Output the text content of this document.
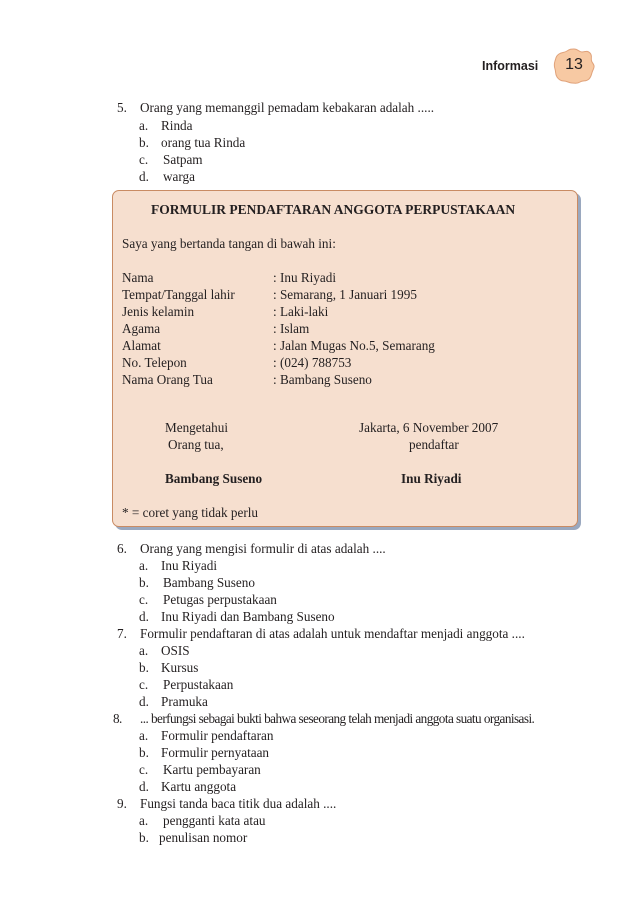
Informasi	13
5. Orang yang memanggil pemadam kebakaran adalah .....
a. Rinda
b. orang tua Rinda
c. Satpam
d. warga
FORMULIR PENDAFTARAN ANGGOTA PERPUSTAKAAN
Saya yang bertanda tangan di bawah ini:
Nama	: Inu Riyadi
Tempat/Tanggal lahir	: Semarang, 1 Januari 1995
Jenis kelamin	: Laki-laki
Agama	: Islam
Alamat	: Jalan Mugas No.5, Semarang
No. Telepon	: (024) 788753
Nama Orang Tua	: Bambang Suseno
Mengetahui
Orang tua,
Bambang Suseno
Jakarta, 6 November 2007
pendaftar
Inu Riyadi
* = coret yang tidak perlu
6. Orang yang mengisi formulir di atas adalah ....
a. Inu Riyadi
b. Bambang Suseno
c. Petugas perpustakaan
d. Inu Riyadi dan Bambang Suseno
7. Formulir pendaftaran di atas adalah untuk mendaftar menjadi anggota ....
a. OSIS
b. Kursus
c. Perpustakaan
d. Pramuka
8. ... berfungsi sebagai bukti bahwa seseorang telah menjadi anggota suatu organisasi.
a. Formulir pendaftaran
b. Formulir pernyataan
c. Kartu pembayaran
d. Kartu anggota
9. Fungsi tanda baca titik dua adalah ....
a. pengganti kata atau
b. penulisan nomor
